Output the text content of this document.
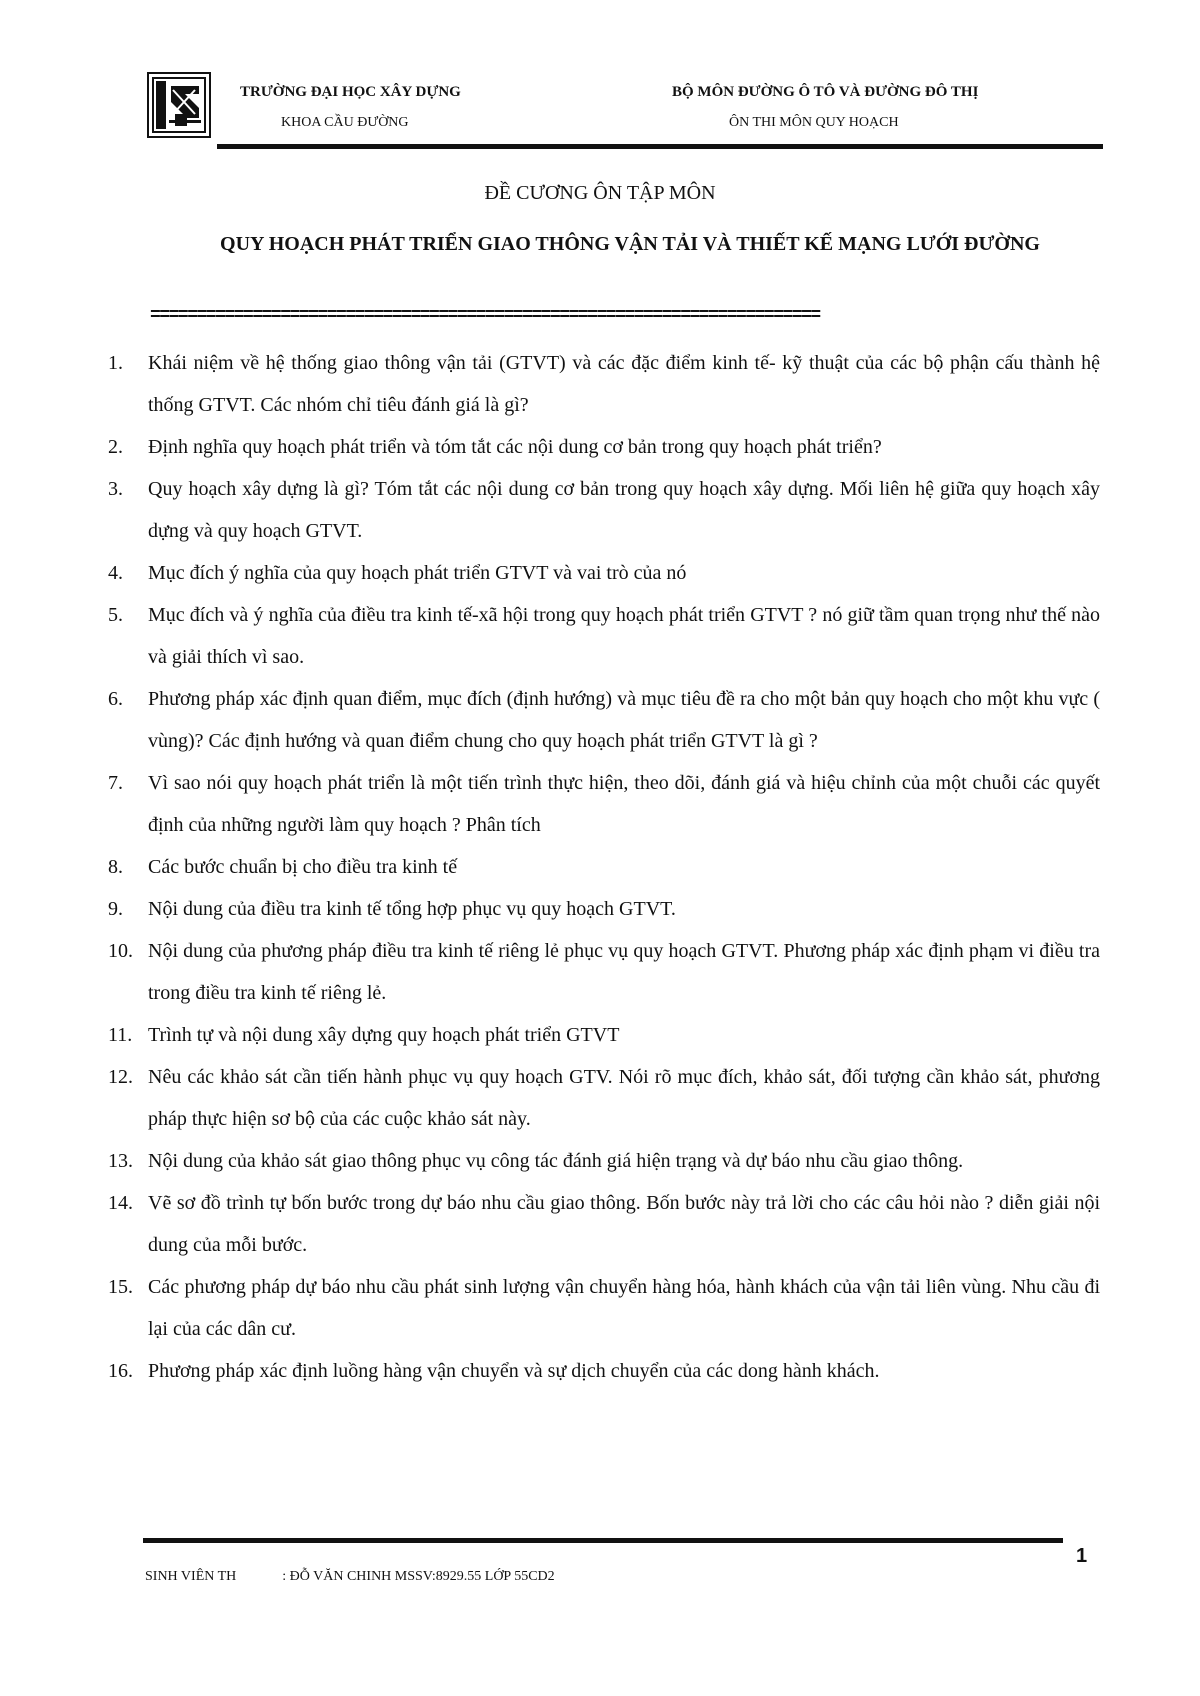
TRƯỜNG ĐẠI HỌC XÂY DỰNG
KHOA CẦU ĐƯỜNG
BỘ MÔN ĐƯỜNG Ô TÔ VÀ ĐƯỜNG ĐÔ THỊ
ÔN THI MÔN QUY HOẠCH
ĐỀ CƯƠNG ÔN TẬP MÔN
QUY HOẠCH PHÁT TRIỂN GIAO THÔNG VẬN TẢI VÀ THIẾT KẾ MẠNG LƯỚI ĐƯỜNG
========================================================================
1. Khái niệm về hệ thống giao thông vận tải (GTVT) và các đặc điểm kinh tế- kỹ thuật của các bộ phận cấu thành hệ thống GTVT. Các nhóm chỉ tiêu đánh giá là gì?
2. Định nghĩa quy hoạch phát triển và tóm tắt các nội dung cơ bản trong quy hoạch phát triển?
3. Quy hoạch xây dựng là gì? Tóm tắt các nội dung cơ bản trong quy hoạch xây dựng. Mối liên hệ giữa quy hoạch xây dựng và quy hoạch GTVT.
4. Mục đích ý nghĩa của quy hoạch phát triển GTVT và vai trò của nó
5. Mục đích và ý nghĩa của điều tra kinh tế-xã hội trong quy hoạch phát triển GTVT ? nó giữ tầm quan trọng như thế nào và giải thích vì sao.
6. Phương pháp xác định quan điểm, mục đích (định hướng) và mục tiêu đề ra cho một bản quy hoạch cho một khu vực ( vùng)? Các định hướng và quan điểm chung cho quy hoạch phát triển GTVT là gì ?
7. Vì sao nói quy hoạch phát triển là một tiến trình thực hiện, theo dõi, đánh giá và hiệu chỉnh của một chuỗi các quyết định của những người làm quy hoạch ? Phân tích
8. Các bước chuẩn bị cho điều tra kinh tế
9. Nội dung của điều tra kinh tế tổng hợp phục vụ quy hoạch GTVT.
10. Nội dung của phương pháp điều tra kinh tế riêng lẻ phục vụ quy hoạch GTVT. Phương pháp xác định phạm vi điều tra trong điều tra kinh tế riêng lẻ.
11. Trình tự và nội dung xây dựng quy hoạch phát triển GTVT
12. Nêu các khảo sát cần tiến hành phục vụ quy hoạch GTV. Nói rõ mục đích, khảo sát, đối tượng cần khảo sát, phương pháp thực hiện sơ bộ của các cuộc khảo sát này.
13. Nội dung của khảo sát giao thông phục vụ công tác đánh giá hiện trạng và dự báo nhu cầu giao thông.
14. Vẽ sơ đồ trình tự bốn bước trong dự báo nhu cầu giao thông. Bốn bước này trả lời cho các câu hỏi nào ? diễn giải nội dung của mỗi bước.
15. Các phương pháp dự báo nhu cầu phát sinh lượng vận chuyển hàng hóa, hành khách của vận tải liên vùng. Nhu cầu đi lại của các dân cư.
16. Phương pháp xác định luồng hàng vận chuyển và sự dịch chuyển của các dong hành khách.
1
SINH VIÊN TH	: ĐỖ VĂN CHINH MSSV:8929.55 LỚP 55CD2
